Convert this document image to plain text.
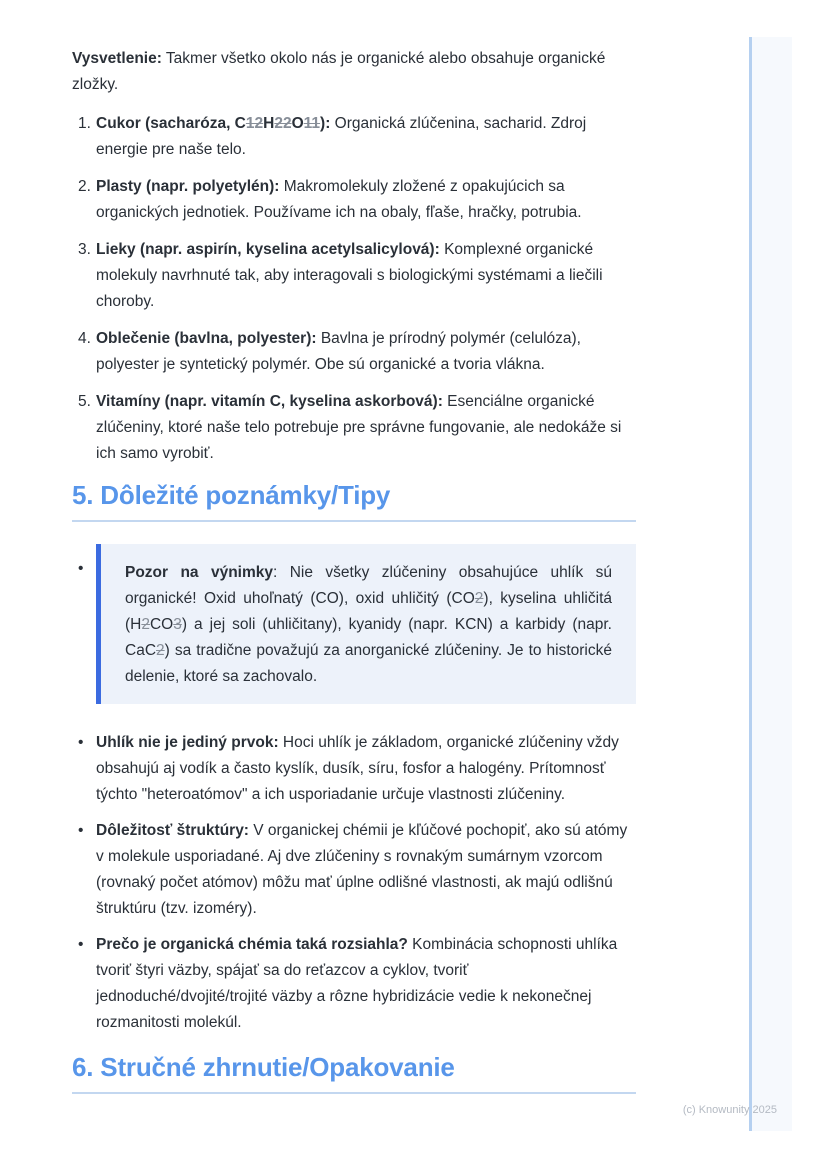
Vysvetlenie: Takmer všetko okolo nás je organické alebo obsahuje organické zložky.

1. Cukor (sacharóza, C12H22O11): Organická zlúčenina, sacharid. Zdroj energie pre naše telo.
2. Plasty (napr. polyetylén): Makromolekuly zložené z opakujúcich sa organických jednotiek. Používame ich na obaly, fľaše, hračky, potrubia.
3. Lieky (napr. aspirín, kyselina acetylsalicylová): Komplexné organické molekuly navrhnuté tak, aby interagovali s biologickými systémami a liečili choroby.
4. Oblečenie (bavlna, polyester): Bavlna je prírodný polymér (celulóza), polyester je syntetický polymér. Obe sú organické a tvoria vlákna.
5. Vitamíny (napr. vitamín C, kyselina askorbová): Esenciálne organické zlúčeniny, ktoré naše telo potrebuje pre správne fungovanie, ale nedokáže si ich samo vyrobiť.
5. Dôležité poznámky/Tipy
•	Pozor na výnimky: Nie všetky zlúčeniny obsahujúce uhlík sú organické! Oxid uhoľnatý (CO), oxid uhličitý (CO2), kyselina uhličitá (H2CO3) a jej soli (uhličitany), kyanidy (napr. KCN) a karbidy (napr. CaC2) sa tradične považujú za anorganické zlúčeniny. Je to historické delenie, ktoré sa zachovalo.

• Uhlík nie je jediný prvok: Hoci uhlík je základom, organické zlúčeniny vždy obsahujú aj vodík a často kyslík, dusík, síru, fosfor a halogény. Prítomnosť týchto "heteroatómov" a ich usporiadanie určuje vlastnosti zlúčeniny.
• Dôležitosť štruktúry: V organickej chémii je kľúčové pochopiť, ako sú atómy v molekule usporiadané. Aj dve zlúčeniny s rovnakým sumárnym vzorcom (rovnaký počet atómov) môžu mať úplne odlišné vlastnosti, ak majú odlišnú štruktúru (tzv. izoméry).
• Prečo je organická chémia taká rozsiahla? Kombinácia schopnosti uhlíka tvoriť štyri väzby, spájať sa do reťazcov a cyklov, tvoriť jednoduché/dvojité/trojité väzby a rôzne hybridizácie vedie k nekonečnej rozmanitosti molekúl.
6. Stručné zhrnutie/Opakovanie
(c) Knowunity 2025
